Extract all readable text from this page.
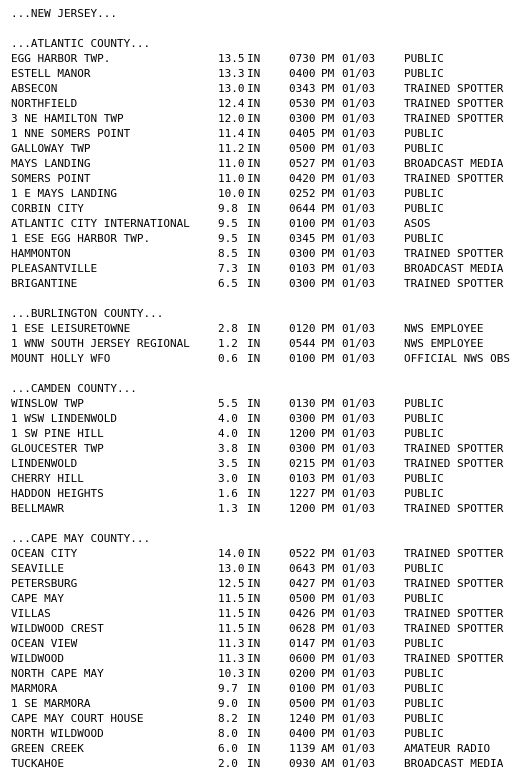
...NEW JERSEY...
...ATLANTIC COUNTY...
EGG HARBOR TWP.	13.5 IN	0730 PM 01/03	PUBLIC
ESTELL MANOR	13.3 IN	0400 PM 01/03	PUBLIC
ABSECON	13.0 IN	0343 PM 01/03	TRAINED SPOTTER
NORTHFIELD	12.4 IN	0530 PM 01/03	TRAINED SPOTTER
3 NE HAMILTON TWP	12.0 IN	0300 PM 01/03	TRAINED SPOTTER
1 NNE SOMERS POINT	11.4 IN	0405 PM 01/03	PUBLIC
GALLOWAY TWP	11.2 IN	0500 PM 01/03	PUBLIC
MAYS LANDING	11.0 IN	0527 PM 01/03	BROADCAST MEDIA
SOMERS POINT	11.0 IN	0420 PM 01/03	TRAINED SPOTTER
1 E MAYS LANDING	10.0 IN	0252 PM 01/03	PUBLIC
CORBIN CITY	9.8 IN	0644 PM 01/03	PUBLIC
ATLANTIC CITY INTERNATIONAL	9.5 IN	0100 PM 01/03	ASOS
1 ESE EGG HARBOR TWP.	9.5 IN	0345 PM 01/03	PUBLIC
HAMMONTON	8.5 IN	0300 PM 01/03	TRAINED SPOTTER
PLEASANTVILLE	7.3 IN	0103 PM 01/03	BROADCAST MEDIA
BRIGANTINE	6.5 IN	0300 PM 01/03	TRAINED SPOTTER
...BURLINGTON COUNTY...
1 ESE LEISURETOWNE	2.8 IN	0120 PM 01/03	NWS EMPLOYEE
1 WNW SOUTH JERSEY REGIONAL	1.2 IN	0544 PM 01/03	NWS EMPLOYEE
MOUNT HOLLY WFO	0.6 IN	0100 PM 01/03	OFFICIAL NWS OBS
...CAMDEN COUNTY...
WINSLOW TWP	5.5 IN	0130 PM 01/03	PUBLIC
1 WSW LINDENWOLD	4.0 IN	0300 PM 01/03	PUBLIC
1 SW PINE HILL	4.0 IN	1200 PM 01/03	PUBLIC
GLOUCESTER TWP	3.8 IN	0300 PM 01/03	TRAINED SPOTTER
LINDENWOLD	3.5 IN	0215 PM 01/03	TRAINED SPOTTER
CHERRY HILL	3.0 IN	0103 PM 01/03	PUBLIC
HADDON HEIGHTS	1.6 IN	1227 PM 01/03	PUBLIC
BELLMAWR	1.3 IN	1200 PM 01/03	TRAINED SPOTTER
...CAPE MAY COUNTY...
OCEAN CITY	14.0 IN	0522 PM 01/03	TRAINED SPOTTER
SEAVILLE	13.0 IN	0643 PM 01/03	PUBLIC
PETERSBURG	12.5 IN	0427 PM 01/03	TRAINED SPOTTER
CAPE MAY	11.5 IN	0500 PM 01/03	PUBLIC
VILLAS	11.5 IN	0426 PM 01/03	TRAINED SPOTTER
WILDWOOD CREST	11.5 IN	0628 PM 01/03	TRAINED SPOTTER
OCEAN VIEW	11.3 IN	0147 PM 01/03	PUBLIC
WILDWOOD	11.3 IN	0600 PM 01/03	TRAINED SPOTTER
NORTH CAPE MAY	10.3 IN	0200 PM 01/03	PUBLIC
MARMORA	9.7 IN	0100 PM 01/03	PUBLIC
1 SE MARMORA	9.0 IN	0500 PM 01/03	PUBLIC
CAPE MAY COURT HOUSE	8.2 IN	1240 PM 01/03	PUBLIC
NORTH WILDWOOD	8.0 IN	0400 PM 01/03	PUBLIC
GREEN CREEK	6.0 IN	1139 AM 01/03	AMATEUR RADIO
TUCKAHOE	2.0 IN	0930 AM 01/03	BROADCAST MEDIA
